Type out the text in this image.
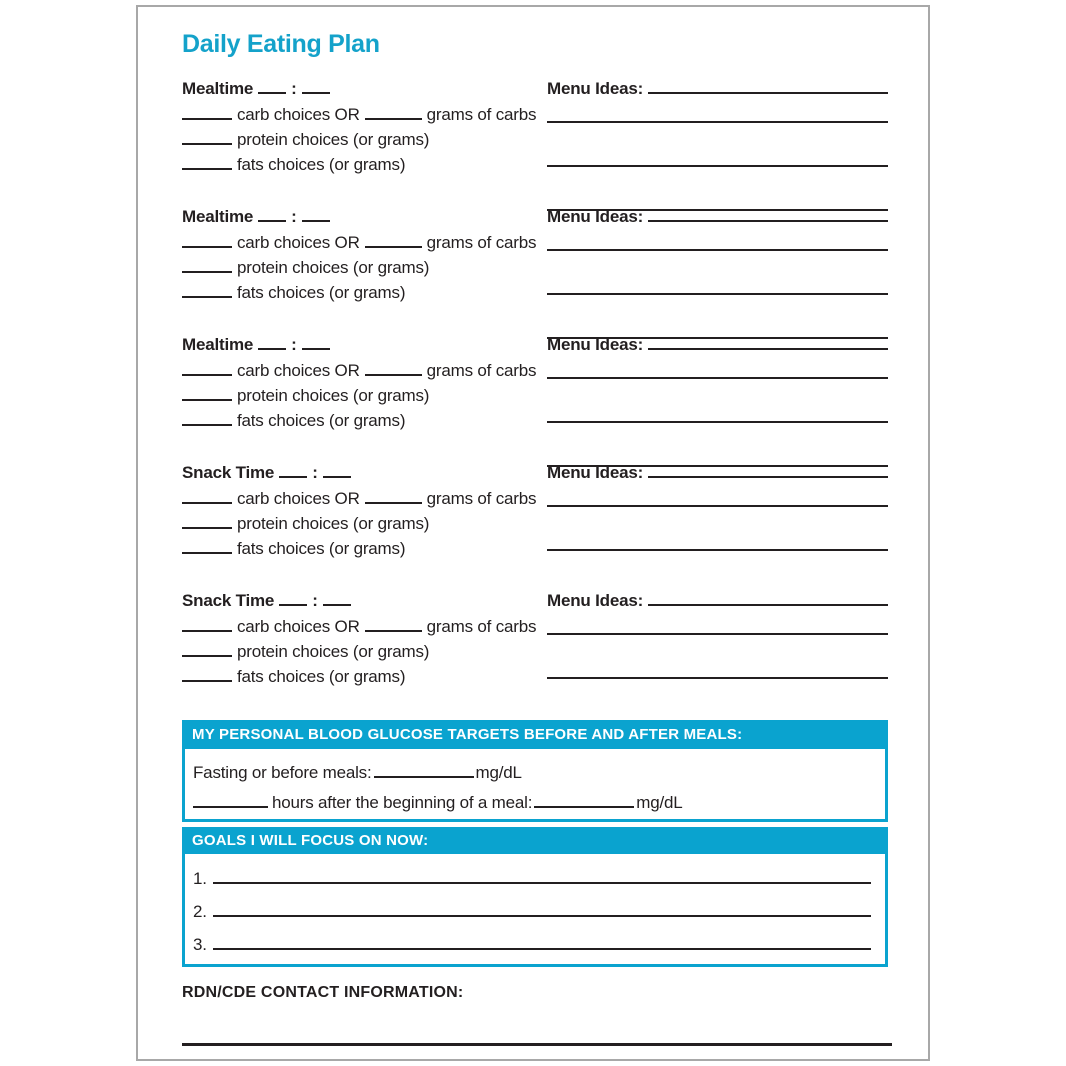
Daily Eating Plan
Mealtime :
carb choices OR	grams of carbs
protein choices (or grams)
fats choices (or grams)
Menu Ideas:
Mealtime :
carb choices OR	grams of carbs
protein choices (or grams)
fats choices (or grams)
Menu Ideas:
Mealtime :
carb choices OR	grams of carbs
protein choices (or grams)
fats choices (or grams)
Menu Ideas:
Snack Time :
carb choices OR	grams of carbs
protein choices (or grams)
fats choices (or grams)
Menu Ideas:
Snack Time :
carb choices OR	grams of carbs
protein choices (or grams)
fats choices (or grams)
Menu Ideas:
MY PERSONAL BLOOD GLUCOSE TARGETS BEFORE AND AFTER MEALS:
Fasting or before meals:	mg/dL
hours after the beginning of a meal:	mg/dL
GOALS I WILL FOCUS ON NOW:
1.
2.
3.
RDN/CDE CONTACT INFORMATION:
